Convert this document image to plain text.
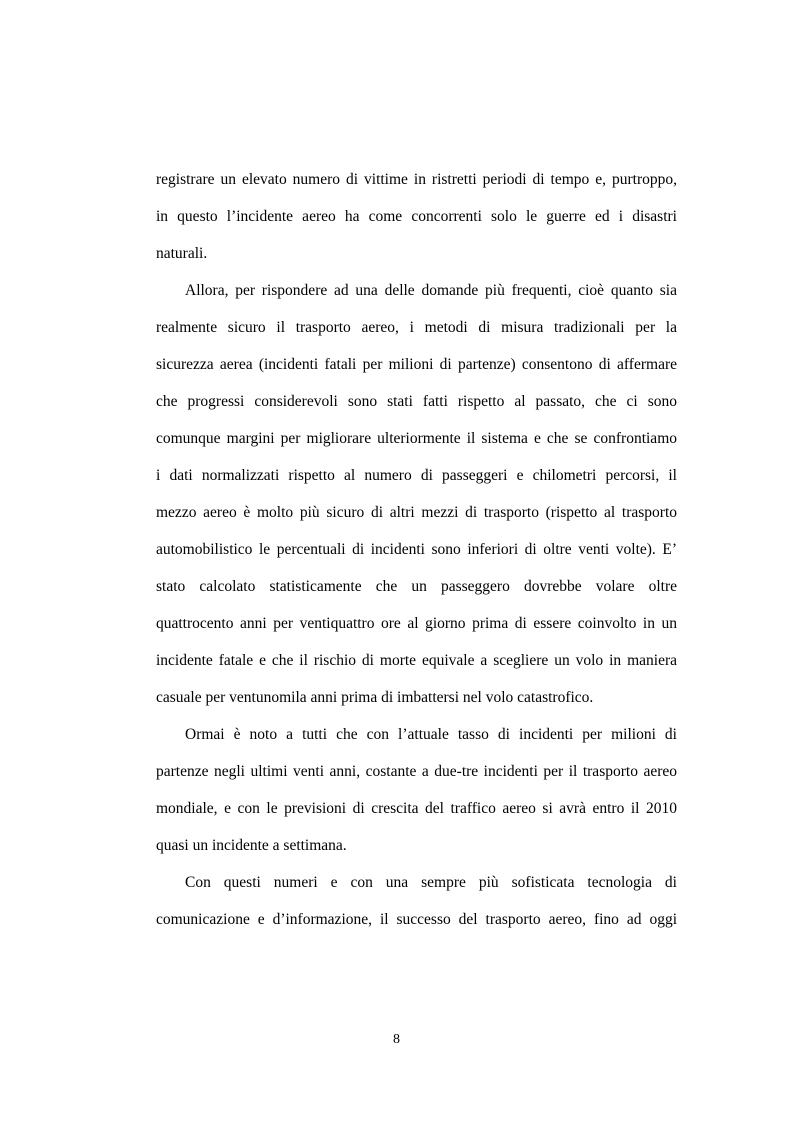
registrare un elevato numero di vittime in ristretti periodi di tempo e, purtroppo,
in questo l’incidente aereo ha come concorrenti solo le guerre ed i disastri
naturali.
Allora, per rispondere ad una delle domande più frequenti, cioè quanto sia
realmente sicuro il trasporto aereo, i metodi di misura tradizionali per la
sicurezza aerea (incidenti fatali per milioni di partenze) consentono di affermare
che progressi considerevoli sono stati fatti rispetto al passato, che ci sono
comunque margini per migliorare ulteriormente il sistema e che se confrontiamo
i dati normalizzati rispetto al numero di passeggeri e chilometri percorsi, il
mezzo aereo è molto più sicuro di altri mezzi di trasporto (rispetto al trasporto
automobilistico le percentuali di incidenti sono inferiori di oltre venti volte). E’
stato calcolato statisticamente che un passeggero dovrebbe volare oltre
quattrocento anni per ventiquattro ore al giorno prima di essere coinvolto in un
incidente fatale e che il rischio di morte equivale a scegliere un volo in maniera
casuale per ventunomila anni prima di imbattersi nel volo catastrofico.
Ormai è noto a tutti che con l’attuale tasso di incidenti per milioni di
partenze negli ultimi venti anni, costante a due-tre incidenti per il trasporto aereo
mondiale, e con le previsioni di crescita del traffico aereo si avrà entro il 2010
quasi un incidente a settimana.
Con questi numeri e con una sempre più sofisticata tecnologia di
comunicazione e d’informazione, il successo del trasporto aereo, fino ad oggi
8
